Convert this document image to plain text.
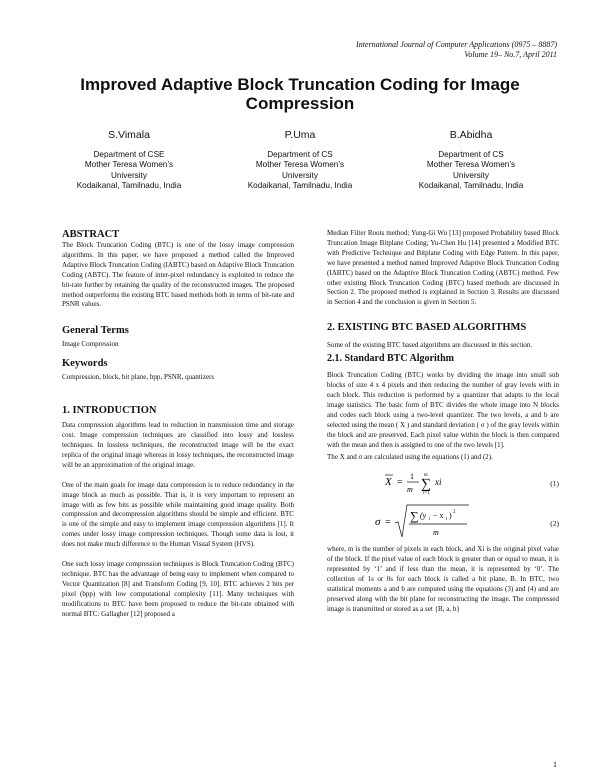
International Journal of Computer Applications (0975 – 8887)
Volume 19– No.7, April 2011
Improved Adaptive Block Truncation Coding for Image Compression
S.Vimala
Department of CSE
Mother Teresa Women’s
University
Kodaikanal, Tamilnadu, India
P.Uma
Department of CS
Mother Teresa Women’s
University
Kodaikanal, Tamilnadu, India
B.Abidha
Department of CS
Mother Teresa Women’s
University
Kodaikanal, Tamilnadu, India
ABSTRACT

The Block Truncation Coding (BTC) is one of the lossy image compression algorithms. In this paper, we have proposed a method called the Improved Adaptive Block Truncation Coding (IABTC) based on Adaptive Block Truncation Coding (ABTC). The feature of inter-pixel redundancy is exploited to reduce the bit-rate further by retaining the quality of the reconstructed images. The proposed method outperforms the existing BTC based methods both in terms of bit-rate and PSNR values.

General Terms

Image Compression

Keywords

Compression, block, bit plane, bpp, PSNR, quantizers

1. INTRODUCTION

Data compression algorithms lead to reduction in transmission time and storage cost. Image compression techniques are classified into lossy and lossless techniques. In lossless techniques, the reconstructed image will be the exact replica of the original image whereas in lossy techniques, the reconstructed image will be an approximation of the original image.

One of the main goals for image data compression is to reduce redundancy in the image block as much as possible. That is, it is very important to represent an image with as few bits as possible while maintaining good image quality. Both compression and decompression algorithms should be simple and efficient. BTC is one of the simple and easy to implement image compression algorithms [1]. It comes under lossy image compression techniques. Though some data is lost, it does not make much difference to the Human Visual System (HVS).

One such lossy image compression techniques is Block Truncation Coding (BTC) technique. BTC has the advantage of being easy to implement when compared to Vector Quantization [8] and Transform Coding [9, 10]. BTC achieves 2 bits per pixel (bpp) with low computational complexity [11]. Many techniques with modifications to BTC have been proposed to reduce the bit-rate obtained with normal BTC: Gallagher [12] proposed a

Median Filter Roots method; Yung-Gi Wu [13] proposed Probability based Block Truncation Image Bitplane Coding; Yu-Chen Hu [14] presented a Modified BTC with Predictive Technique and Bitplane Coding with Edge Pattern. In this paper, we have presented a method named Improved Adaptive Block Truncation Coding (IABTC) based on the Adaptive Block Truncation Coding (ABTC) method. Few other existing Block Truncation Coding (BTC) based methods are discussed in Section 2. The proposed method is explained in Section 3. Results are discussed in Section 4 and the conclusion is given in Section 5.

2. EXISTING BTC BASED ALGORITHMS

Some of the existing BTC based algorithms are discussed in this section.

2.1. Standard BTC Algorithm

Block Truncation Coding (BTC) works by dividing the image into small sub blocks of size 4 x 4 pixels and then reducing the number of gray levels with in each block. This reduction is performed by a quantizer that adapts to the local image statistics. The basic form of BTC divides the whole image into N blocks and codes each block using a two-level quantizer. The two levels, a and b are selected using the mean ( X ) and standard deviation ( σ ) of the gray levels within the block and are preserved. Each pixel value within the block is then compared with the mean and then is assigned to one of the two levels [1].

The X and σ are calculated using the equations (1) and (2).

X =
1
m ∑
m
i=1
xi	(1)
σ = ∑ (y i − x i ) 2
m
(2)

where, m is the number of pixels in each block, and Xi is the original pixel value of the block. If the pixel value of each block is greater than or equal to mean, it is represented by ‘1’ and if less than the mean, it is represented by ‘0’. The collection of 1s or 0s for each block is called a bit plane, B. In BTC, two statistical moments a and b are computed using the equations (3) and (4) and are preserved along with the bit plane for reconstructing the image. The compressed image is transmitted or stored as a set {B, a, b}

1
